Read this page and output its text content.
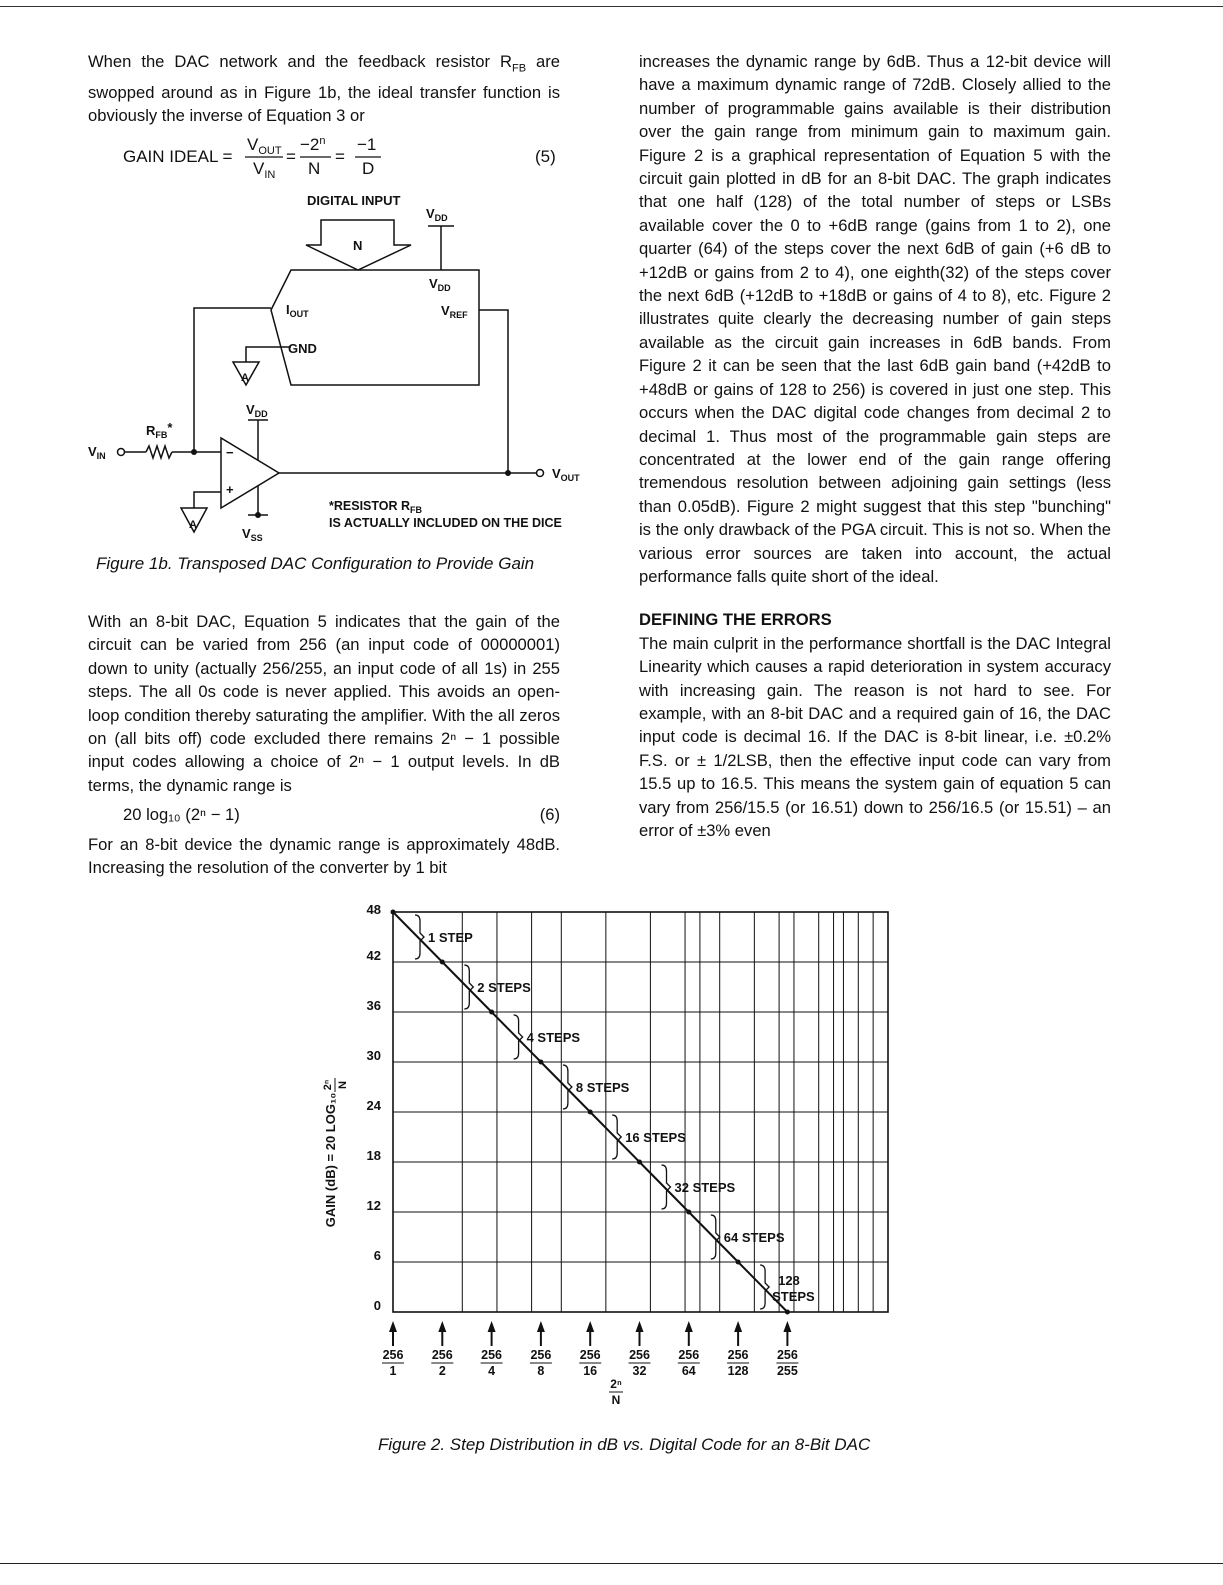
When the DAC network and the feedback resistor $R_{FB}$ are swopped around as in Figure 1b, the ideal transfer function is obviously the inverse of Equation 3 or

GAIN IDEAL =
$V_{OUT}$
$V_{IN}$
=
$-2^n$
N
=
−1
D
(5)
DIGITAL INPUT
N
$V_{DD}$
$V_{DD}$
$I_{OUT}$	$V_{REF}$
GND
A
$V_{DD}$
$R_{FB}*$
$V_{IN}$	−
+
$V_{OUT}$
$V_{SS}$
A
*RESISTOR $R_{FB}$
IS ACTUALLY INCLUDED ON THE DICE
Figure 1b. Transposed DAC Configuration to Provide Gain

With an 8-bit DAC, Equation 5 indicates that the gain of the circuit can be varied from 256 (an input code of 00000001) down to unity (actually 256/255, an input code of all 1s) in 255 steps. The all 0s code is never applied. This avoids an open-loop condition thereby saturating the amplifier. With the all zeros on (all bits off) code excluded there remains 2ⁿ − 1 possible input codes allowing a choice of 2ⁿ − 1 output levels. In dB terms, the dynamic range is

20 log₁₀ (2ⁿ − 1)	(6)

For an 8-bit device the dynamic range is approximately 48dB. Increasing the resolution of the converter by 1 bit

increases the dynamic range by 6dB. Thus a 12-bit device will have a maximum dynamic range of 72dB. Closely allied to the number of programmable gains available is their distribution over the gain range from minimum gain to maximum gain. Figure 2 is a graphical representation of Equation 5 with the circuit gain plotted in dB for an 8-bit DAC. The graph indicates that one half (128) of the total number of steps or LSBs available cover the 0 to +6dB range (gains from 1 to 2), one quarter (64) of the steps cover the next 6dB of gain (+6 dB to +12dB or gains from 2 to 4), one eighth(32) of the steps cover the next 6dB (+12dB to +18dB or gains of 4 to 8), etc. Figure 2 illustrates quite clearly the decreasing number of gain steps available as the circuit gain increases in 6dB bands. From Figure 2 it can be seen that the last 6dB gain band (+42dB to +48dB or gains of 128 to 256) is covered in just one step. This occurs when the DAC digital code changes from decimal 2 to decimal 1. Thus most of the programmable gain steps are concentrated at the lower end of the gain range offering tremendous resolution between adjoining gain settings (less than 0.05dB). Figure 2 might suggest that this step "bunching" is the only drawback of the PGA circuit. This is not so. When the various error sources are taken into account, the actual performance falls quite short of the ideal.

DEFINING THE ERRORS

The main culprit in the performance shortfall is the DAC Integral Linearity which causes a rapid deterioration in system accuracy with increasing gain. The reason is not hard to see. For example, with an 8-bit DAC and a required gain of 16, the DAC input code is decimal 16. If the DAC is 8-bit linear, i.e. ±0.2% F.S. or ± 1/2LSB, then the effective input code can vary from 15.5 up to 16.5. This means the system gain of equation 5 can vary from 256/15.5 (or 16.51) down to 256/16.5 (or 15.51) – an error of ±3% even

0
6
12
18
24
30
36
42
48
256
1
256
2
256
4
256
8
256
16
256
32
256
64
256
128
256
255
1 STEP
2 STEPS
4 STEPS
8 STEPS
16 STEPS
32 STEPS
64 STEPS
128
STEPS
GAIN (dB) = 20 LOG₁₀
2ⁿ N
2ⁿ
N
Figure 2. Step Distribution in dB vs. Digital Code for an 8-Bit DAC
